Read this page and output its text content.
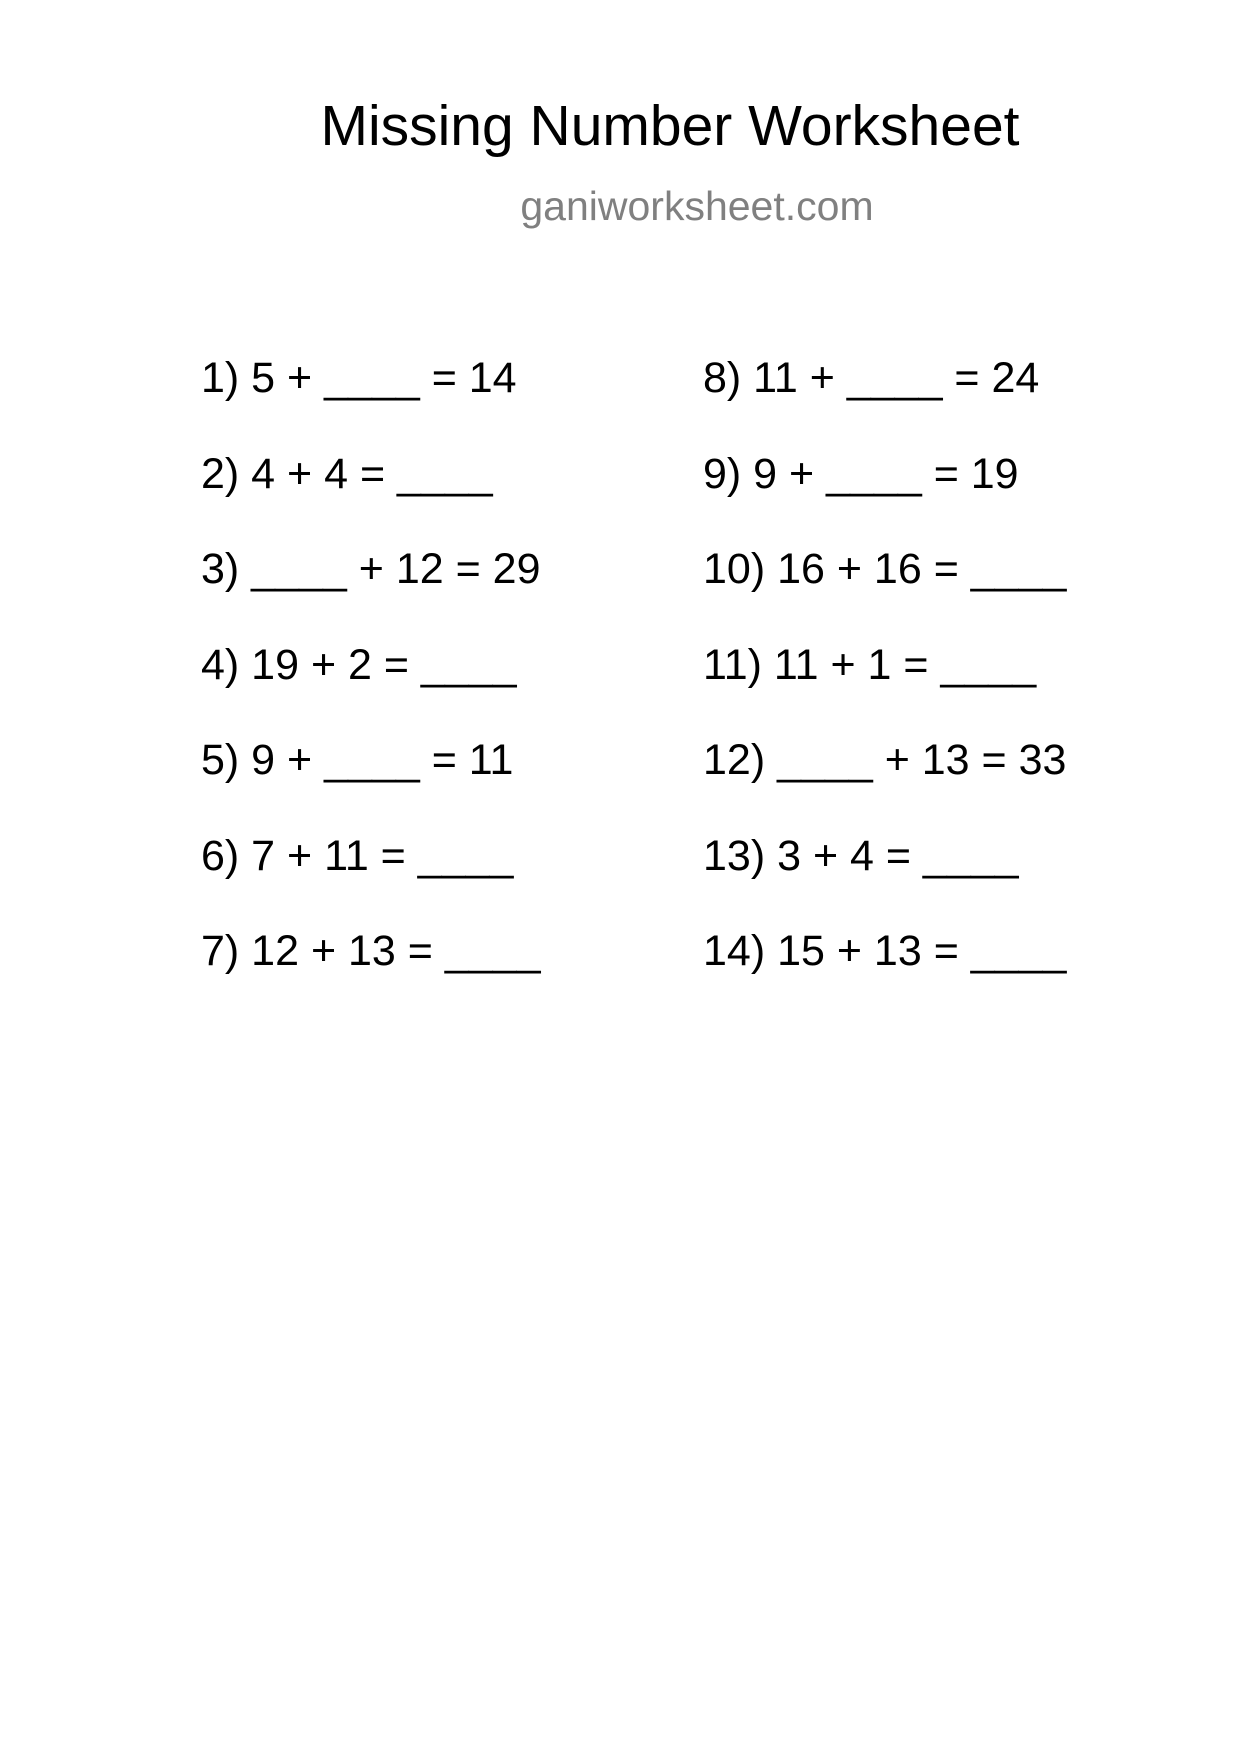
Missing Number Worksheet
ganiworksheet.com
1) 5 + ____ = 14
2) 4 + 4 = ____
3) ____ + 12 = 29
4) 19 + 2 = ____
5) 9 + ____ = 11
6) 7 + 11 = ____
7) 12 + 13 = ____
8) 11 + ____ = 24
9) 9 + ____ = 19
10) 16 + 16 = ____
11) 11 + 1 = ____
12) ____ + 13 = 33
13) 3 + 4 = ____
14) 15 + 13 = ____
